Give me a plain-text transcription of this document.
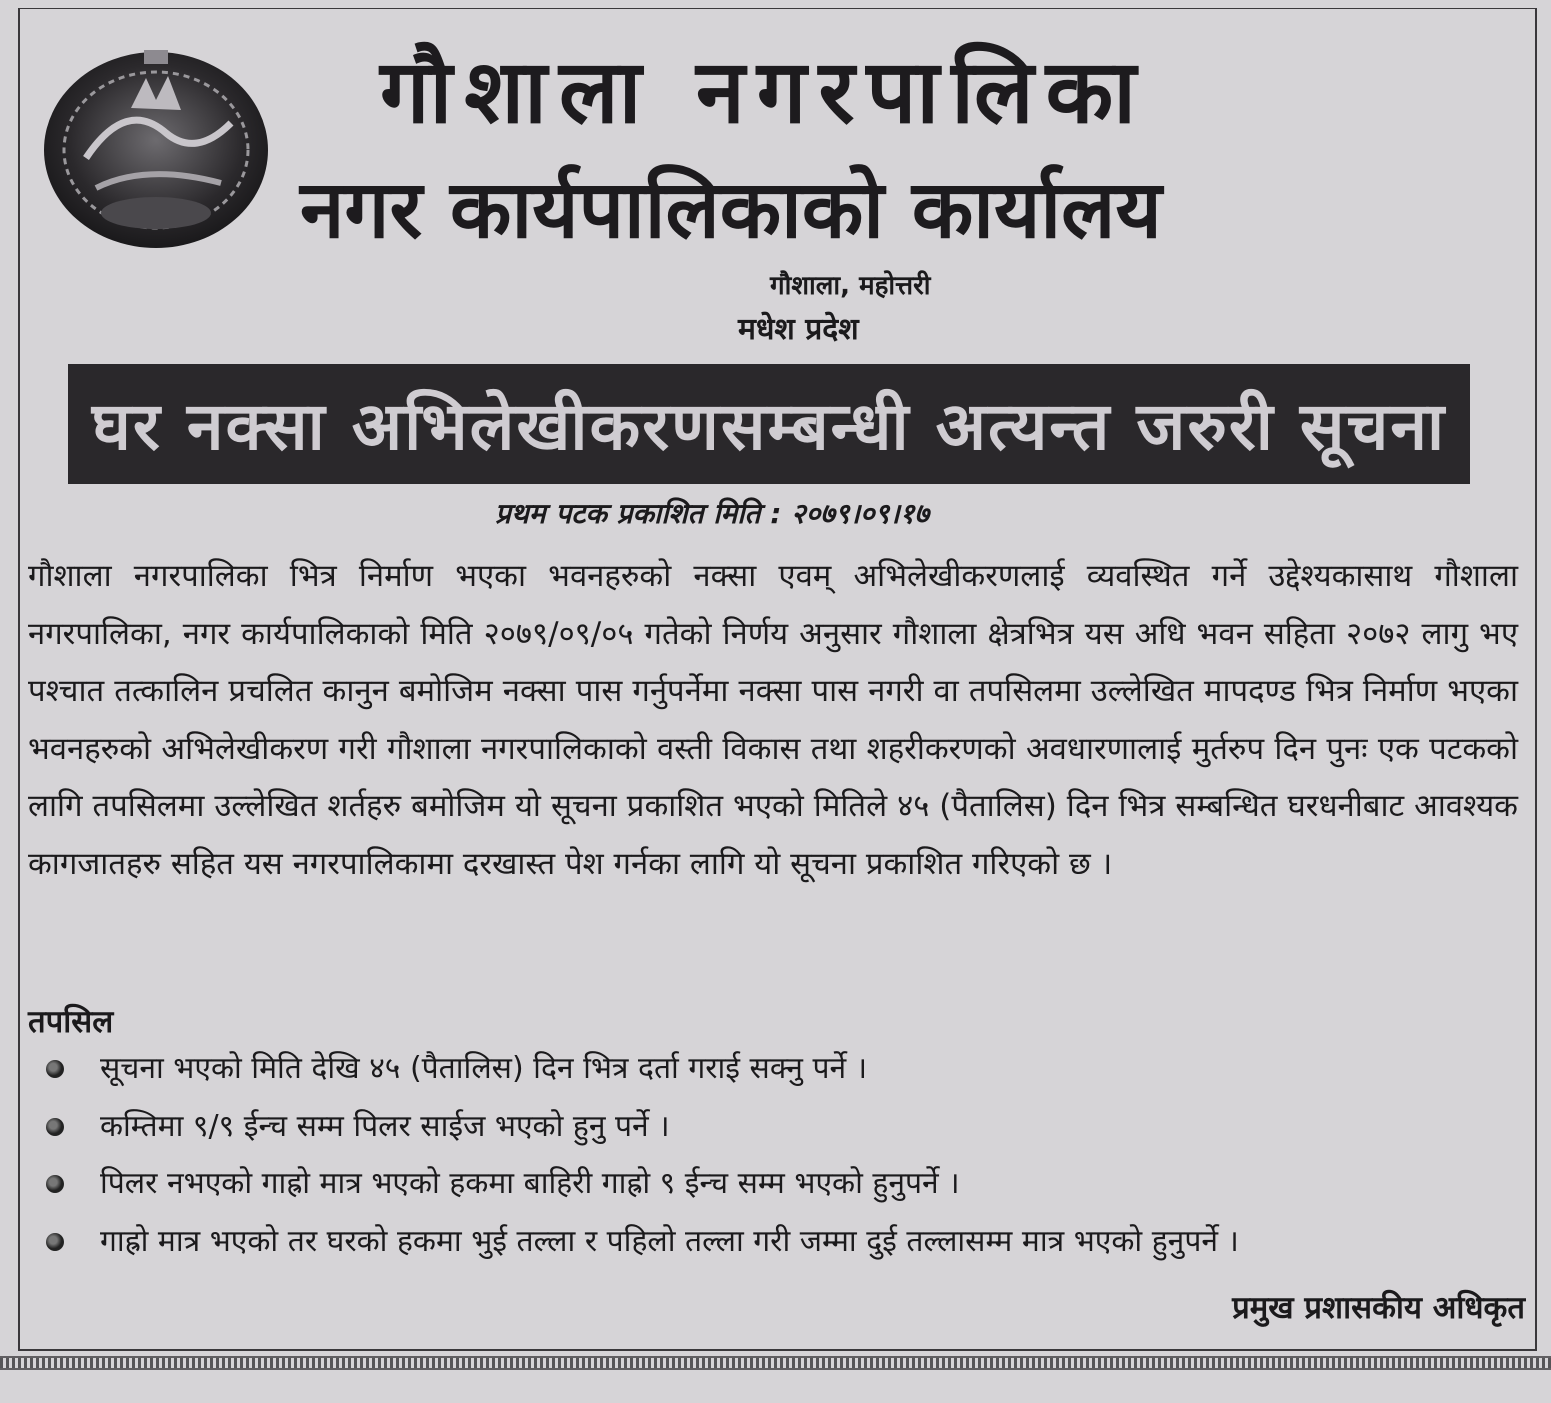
गौशाला नगरपालिका
नगर कार्यपालिकाको कार्यालय
गौशाला, महोत्तरी
मधेश प्रदेश
घर नक्सा अभिलेखीकरणसम्बन्धी अत्यन्त जरुरी सूचना
प्रथम पटक प्रकाशित मिति : २०७९।०९।१७
गौशाला नगरपालिका भित्र निर्माण भएका भवनहरुको नक्सा एवम् अभिलेखीकरणलाई व्यवस्थित गर्ने उद्देश्यकासाथ गौशाला नगरपालिका, नगर कार्यपालिकाको मिति २०७९/०९/०५ गतेको निर्णय अनुसार गौशाला क्षेत्रभित्र यस अधि भवन सहिता २०७२ लागु भए पश्चात तत्कालिन प्रचलित कानुन बमोजिम नक्सा पास गर्नुपर्नेमा नक्सा पास नगरी वा तपसिलमा उल्लेखित मापदण्ड भित्र निर्माण भएका भवनहरुको अभिलेखीकरण गरी गौशाला नगरपालिकाको वस्ती विकास तथा शहरीकरणको अवधारणालाई मुर्तरुप दिन पुनः एक पटकको लागि तपसिलमा उल्लेखित शर्तहरु बमोजिम यो सूचना प्रकाशित भएको मितिले ४५ (पैतालिस) दिन भित्र सम्बन्धित घरधनीबाट आवश्यक कागजातहरु सहित यस नगरपालिकामा दरखास्त पेश गर्नका लागि यो सूचना प्रकाशित गरिएको छ ।
तपसिल
सूचना भएको मिति देखि ४५ (पैतालिस) दिन भित्र दर्ता गराई सक्नु पर्ने ।
कम्तिमा ९/९ ईन्च सम्म पिलर साईज भएको हुनु पर्ने ।
पिलर नभएको गाह्रो मात्र भएको हकमा बाहिरी गाह्रो ९ ईन्च सम्म भएको हुनुपर्ने ।
गाह्रो मात्र भएको तर घरको हकमा भुई तल्ला र पहिलो तल्ला गरी जम्मा दुई तल्लासम्म मात्र भएको हुनुपर्ने ।
प्रमुख प्रशासकीय अधिकृत
